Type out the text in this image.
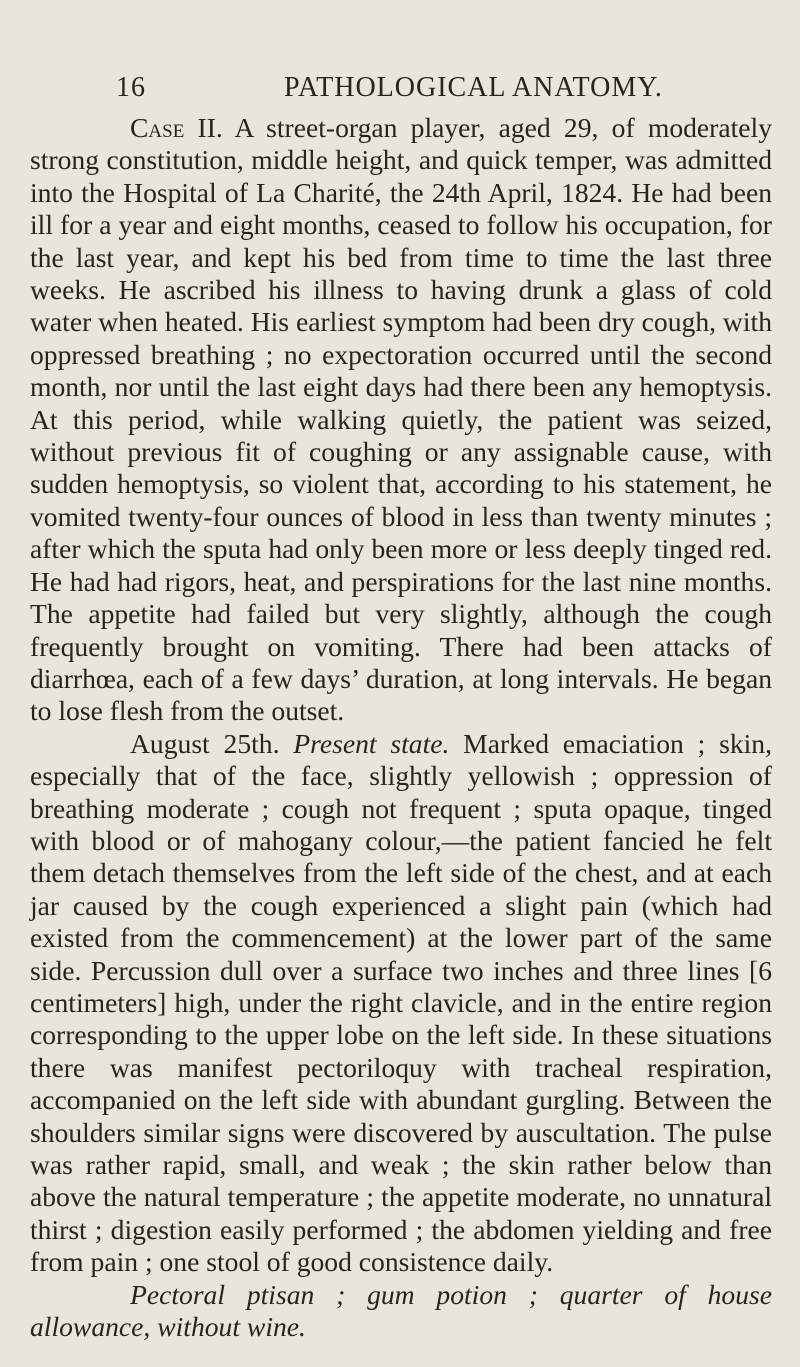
16	PATHOLOGICAL ANATOMY.

Case II. A street-organ player, aged 29, of moderately strong constitution, middle height, and quick temper, was admitted into the Hospital of La Charité, the 24th April, 1824. He had been ill for a year and eight months, ceased to follow his occupation, for the last year, and kept his bed from time to time the last three weeks. He ascribed his illness to having drunk a glass of cold water when heated. His earliest symptom had been dry cough, with oppressed breathing ; no expectoration occurred until the second month, nor until the last eight days had there been any hemoptysis. At this period, while walking quietly, the patient was seized, without previous fit of coughing or any assignable cause, with sudden hemoptysis, so violent that, according to his statement, he vomited twenty-four ounces of blood in less than twenty minutes ; after which the sputa had only been more or less deeply tinged red. He had had rigors, heat, and perspirations for the last nine months. The appetite had failed but very slightly, although the cough frequently brought on vomiting. There had been attacks of diarrhœa, each of a few days’ duration, at long intervals. He began to lose flesh from the outset.

August 25th. Present state. Marked emaciation ; skin, especially that of the face, slightly yellowish ; oppression of breathing moderate ; cough not frequent ; sputa opaque, tinged with blood or of mahogany colour,—the patient fancied he felt them detach themselves from the left side of the chest, and at each jar caused by the cough experienced a slight pain (which had existed from the commencement) at the lower part of the same side. Percussion dull over a surface two inches and three lines [6 centimeters] high, under the right clavicle, and in the entire region corresponding to the upper lobe on the left side. In these situations there was manifest pectoriloquy with tracheal respiration, accompanied on the left side with abundant gurgling. Between the shoulders similar signs were discovered by auscultation. The pulse was rather rapid, small, and weak ; the skin rather below than above the natural temperature ; the appetite moderate, no unnatural thirst ; digestion easily performed ; the abdomen yielding and free from pain ; one stool of good consistence daily.

Pectoral ptisan ; gum potion ; quarter of house allowance, without wine.
